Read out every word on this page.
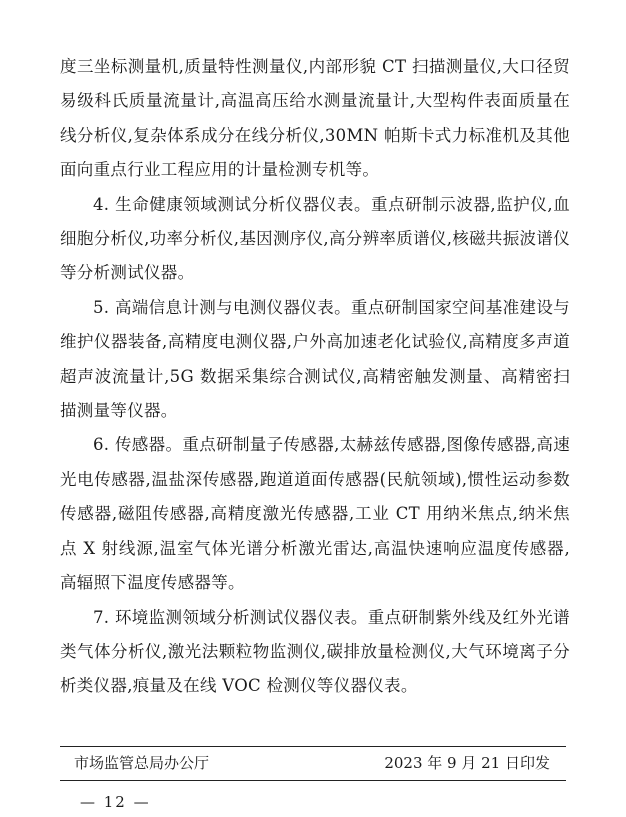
度三坐标测量机,质量特性测量仪,内部形貌 CT 扫描测量仪,大口径贸易级科氏质量流量计,高温高压给水测量流量计,大型构件表面质量在线分析仪,复杂体系成分在线分析仪,30MN 帕斯卡式力标准机及其他面向重点行业工程应用的计量检测专机等。

4. 生命健康领域测试分析仪器仪表。重点研制示波器,监护仪,血细胞分析仪,功率分析仪,基因测序仪,高分辨率质谱仪,核磁共振波谱仪等分析测试仪器。

5. 高端信息计测与电测仪器仪表。重点研制国家空间基准建设与维护仪器装备,高精度电测仪器,户外高加速老化试验仪,高精度多声道超声波流量计,5G 数据采集综合测试仪,高精密触发测量、高精密扫描测量等仪器。

6. 传感器。重点研制量子传感器,太赫兹传感器,图像传感器,高速光电传感器,温盐深传感器,跑道道面传感器(民航领域),惯性运动参数传感器,磁阻传感器,高精度激光传感器,工业 CT 用纳米焦点,纳米焦点 X 射线源,温室气体光谱分析激光雷达,高温快速响应温度传感器,高辐照下温度传感器等。

7. 环境监测领域分析测试仪器仪表。重点研制紫外线及红外光谱类气体分析仪,激光法颗粒物监测仪,碳排放量检测仪,大气环境离子分析类仪器,痕量及在线 VOC 检测仪等仪器仪表。

市场监管总局办公厅	2023 年 9 月 21 日印发
— 12 —
